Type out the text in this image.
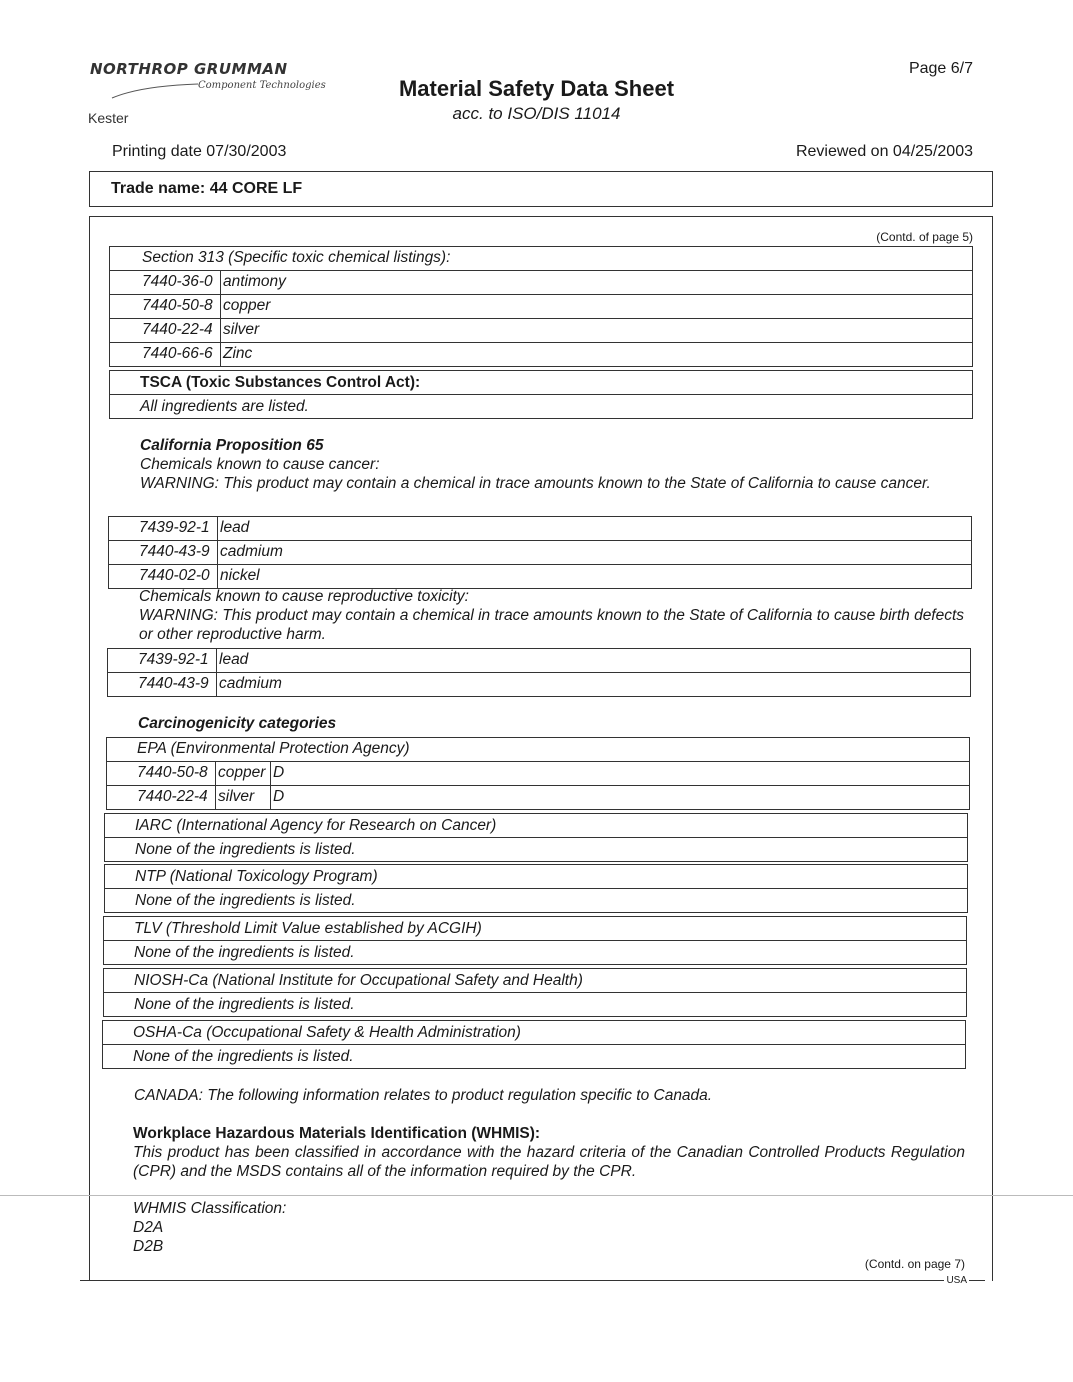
NORTHROP GRUMMAN
Component Technologies
Kester
Material Safety Data Sheet
acc. to ISO/DIS 11014
Page 6/7
Printing date 07/30/2003	Reviewed on 04/25/2003
Trade name: 44 CORE LF
(Contd. of page 5)
Section 313 (Specific toxic chemical listings):	
7440-36-0	antimony
7440-50-8	copper
7440-22-4	silver
7440-66-6	Zinc
TSCA (Toxic Substances Control Act):
All ingredients are listed.
California Proposition 65
Chemicals known to cause cancer:
WARNING: This product may contain a chemical in trace amounts known to the State of California to cause cancer.
7439-92-1	lead
7440-43-9	cadmium
7440-02-0	nickel
Chemicals known to cause reproductive toxicity:
WARNING: This product may contain a chemical in trace amounts known to the State of California to cause birth defects or other reproductive harm.
7439-92-1	lead
7440-43-9	cadmium
Carcinogenicity categories
EPA (Environmental Protection Agency)		
7440-50-8	copper	D
7440-22-4	silver	D
IARC (International Agency for Research on Cancer)
None of the ingredients is listed.
NTP (National Toxicology Program)
None of the ingredients is listed.
TLV (Threshold Limit Value established by ACGIH)
None of the ingredients is listed.
NIOSH-Ca (National Institute for Occupational Safety and Health)
None of the ingredients is listed.
OSHA-Ca (Occupational Safety & Health Administration)
None of the ingredients is listed.
CANADA: The following information relates to product regulation specific to Canada.
Workplace Hazardous Materials Identification (WHMIS):
This product has been classified in accordance with the hazard criteria of the Canadian Controlled Products Regulation (CPR) and the MSDS contains all of the information required by the CPR.
WHMIS Classification:
D2A
D2B
(Contd. on page 7)
USA
